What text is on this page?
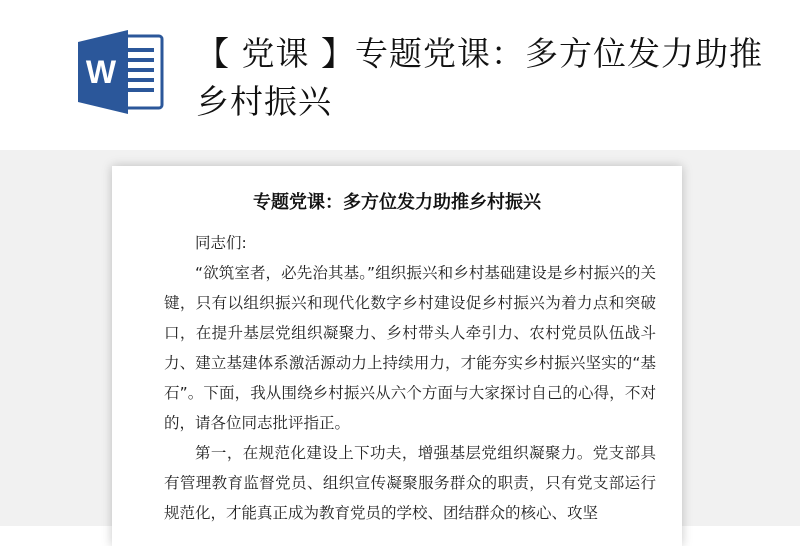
W 【 党课 】专题党课：多方位发力助推乡村振兴
专题党课：多方位发力助推乡村振兴

同志们:

“欲筑室者，必先治其基。”组织振兴和乡村基础建设是乡村振兴的关键，只有以组织振兴和现代化数字乡村建设促乡村振兴为着力点和突破口，在提升基层党组织凝聚力、乡村带头人牵引力、农村党员队伍战斗力、建立基建体系激活源动力上持续用力，才能夯实乡村振兴坚实的“基石”。下面，我从围绕乡村振兴从六个方面与大家探讨自己的心得，不对的，请各位同志批评指正。

第一，在规范化建设上下功夫，增强基层党组织凝聚力。党支部具有管理教育监督党员、组织宣传凝聚服务群众的职责，只有党支部运行规范化，才能真正成为教育党员的学校、团结群众的核心、攻坚
